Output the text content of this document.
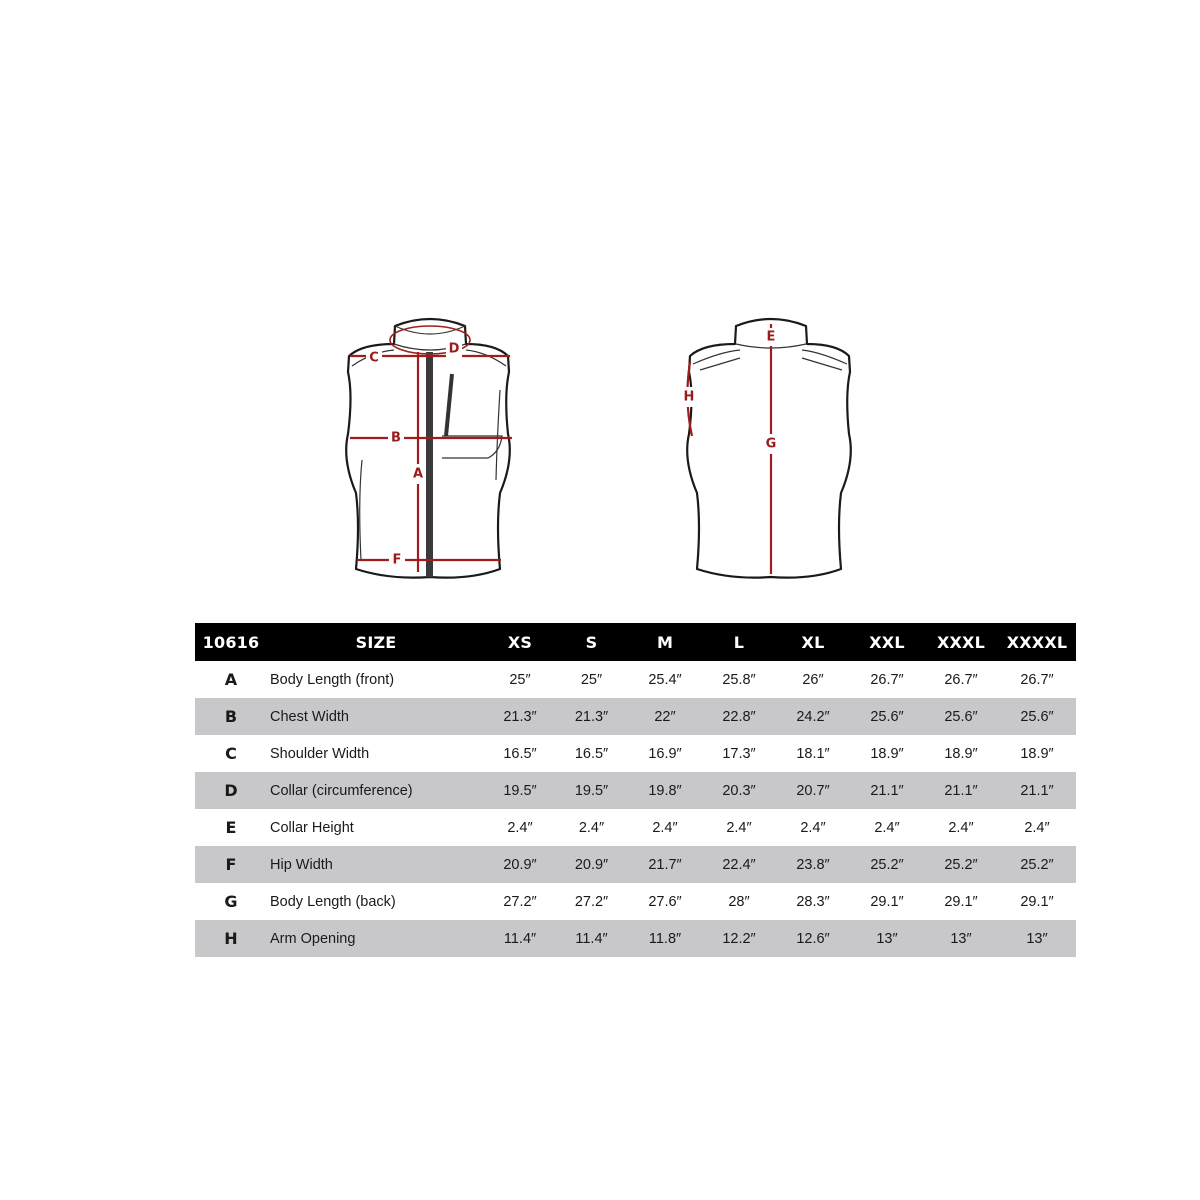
B
C
D
A
F
E
G
H
10616	SIZE	XS	S	M	L	XL	XXL	XXXL	XXXXL
A	Body Length (front)	25″	25″	25.4″	25.8″	26″	26.7″	26.7″	26.7″
B	Chest Width	21.3″	21.3″	22″	22.8″	24.2″	25.6″	25.6″	25.6″
C	Shoulder Width	16.5″	16.5″	16.9″	17.3″	18.1″	18.9″	18.9″	18.9″
D	Collar (circumference)	19.5″	19.5″	19.8″	20.3″	20.7″	21.1″	21.1″	21.1″
E	Collar Height	2.4″	2.4″	2.4″	2.4″	2.4″	2.4″	2.4″	2.4″
F	Hip Width	20.9″	20.9″	21.7″	22.4″	23.8″	25.2″	25.2″	25.2″
G	Body Length (back)	27.2″	27.2″	27.6″	28″	28.3″	29.1″	29.1″	29.1″
H	Arm Opening	11.4″	11.4″	11.8″	12.2″	12.6″	13″	13″	13″
